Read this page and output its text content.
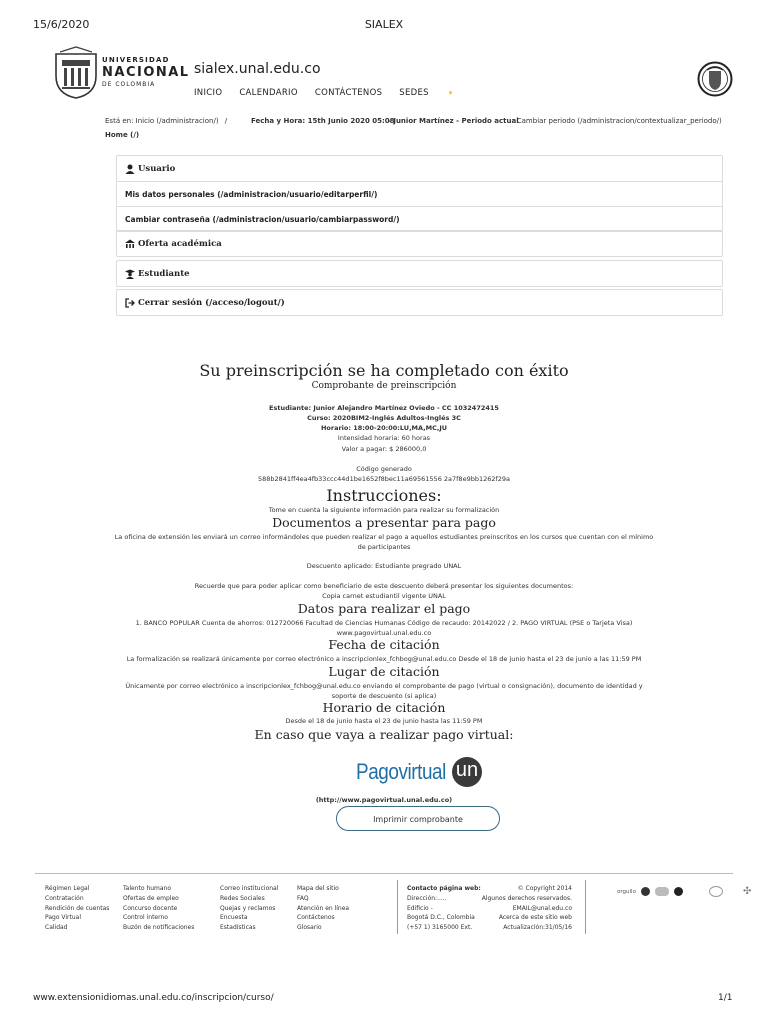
15/6/2020	SIALEX
UNIVERSIDAD
NACIONAL
DE COLOMBIA
sialex.unal.edu.co
INICIO CALENDARIO CONTÁCTENOS SEDES	▾
Está en: Inicio (/administracion/) /	Fecha y Hora: 15th Junio 2020 05:08
- Junior Martínez - Periodo actual
- Cambiar periodo (/administracion/contextualizar_periodo/)
Home (/)
Usuario
Mis datos personales (/administracion/usuario/editarperfil/)
Cambiar contraseña (/administracion/usuario/cambiarpassword/)
Oferta académica
Estudiante
Cerrar sesión (/acceso/logout/)
Su preinscripción se ha completado con éxito
Comprobante de preinscripción
Estudiante: Junior Alejandro Martínez Oviedo - CC 1032472415
Curso: 2020BIM2-Inglés Adultos-Inglés 3C
Horario: 18:00-20:00:LU,MA,MC,JU
Intensidad horaria: 60 horas
Valor a pagar: $ 286000,0
Código generado
588b2841ff4ea4fb33ccc44d1be1652f8bec11a69561556 2a7f8e9bb1262f29a
Instrucciones:
Tome en cuenta la siguiente información para realizar su formalización
Documentos a presentar para pago
La oficina de extensión les enviará un correo informándoles que pueden realizar el pago a aquellos estudiantes preinscritos en los cursos que cuentan con el mínimo
de participantes
Descuento aplicado: Estudiante pregrado UNAL
Recuerde que para poder aplicar como beneficiario de este descuento deberá presentar los siguientes documentos:
Copia carnet estudiantil vigente UNAL
Datos para realizar el pago
1. BANCO POPULAR Cuenta de ahorros: 012720066 Facultad de Ciencias Humanas Código de recaudo: 20142022 / 2. PAGO VIRTUAL (PSE o Tarjeta Visa)
www.pagovirtual.unal.edu.co
Fecha de citación
La formalización se realizará únicamente por correo electrónico a inscripcionlex_fchbog@unal.edu.co Desde el 18 de junio hasta el 23 de junio a las 11:59 PM
Lugar de citación
Únicamente por correo electrónico a inscripcionlex_fchbog@unal.edu.co enviando el comprobante de pago (virtual o consignación), documento de identidad y
soporte de descuento (si aplica)
Horario de citación
Desde el 18 de junio hasta el 23 de junio hasta las 11:59 PM
En caso que vaya a realizar pago virtual:
Pagovirtual un
(http://www.pagovirtual.unal.edu.co)
Imprimir comprobante
Régimen Legal
Contratación
Rendición de cuentas
Pago Virtual
Calidad
Talento humano
Ofertas de empleo
Concurso docente
Control interno
Buzón de notificaciones
Correo institucional
Redes Sociales
Quejas y reclamos
Encuesta
Estadísticas
Mapa del sitio
FAQ
Atención en línea
Contáctenos
Glosario
Contacto página web:
Dirección:.....
Edificio -
Bogotá D.C., Colombia
(+57 1) 3165000 Ext.
© Copyright 2014
Algunos derechos reservados.
EMAIL@unal.edu.co
Acerca de este sitio web
Actualización:31/05/16
orgullo	✣
www.extensionidiomas.unal.edu.co/inscripcion/curso/	1/1
